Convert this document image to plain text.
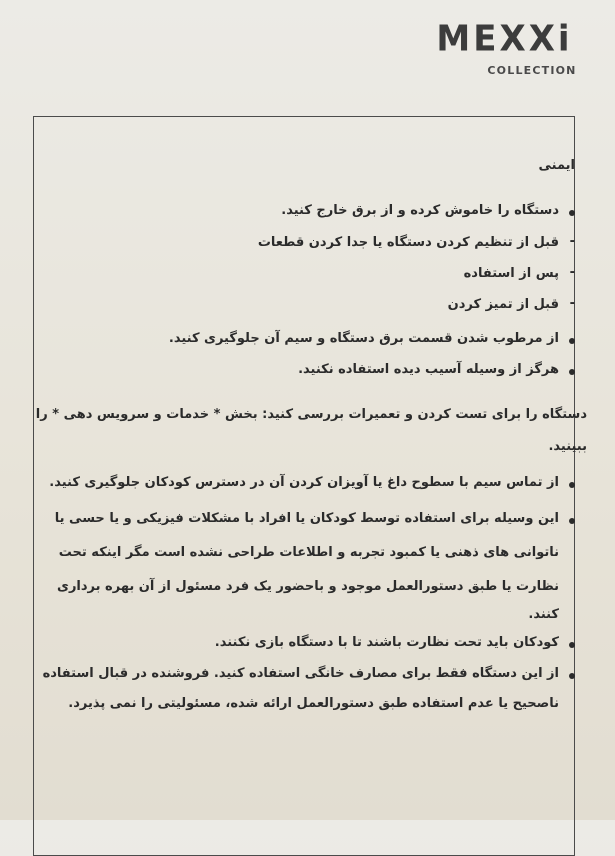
MEXXi
COLLECTION
ایمنی
دستگاه را خاموش کرده و از برق خارج کنید.
-
قبل از تنظیم کردن دستگاه یا جدا کردن قطعات
-
پس از استفاده
-
قبل از تمیز کردن
از مرطوب شدن قسمت برق دستگاه و سیم آن جلوگیری کنید.
هرگز از وسیله آسیب دیده استفاده نکنید.
دستگاه را برای تست کردن و تعمیرات بررسی کنید: بخش * خدمات و سرویس دهی * را
ببینید.
از تماس سیم با سطوح داغ یا آویزان کردن آن در دسترس کودکان جلوگیری کنید.
این وسیله برای استفاده توسط کودکان یا افراد با مشکلات فیزیکی و یا حسی یا
ناتوانی های ذهنی یا کمبود تجربه و اطلاعات طراحی نشده است مگر اینکه تحت
نظارت یا طبق دستورالعمل موجود و باحضور یک فرد مسئول از آن بهره برداری
کنند.
کودکان باید تحت نظارت باشند تا با دستگاه بازی نکنند.
از این دستگاه فقط برای مصارف خانگی استفاده کنید. فروشنده در قبال استفاده
ناصحیح یا عدم استفاده طبق دستورالعمل ارائه شده، مسئولیتی را نمی پذیرد.
